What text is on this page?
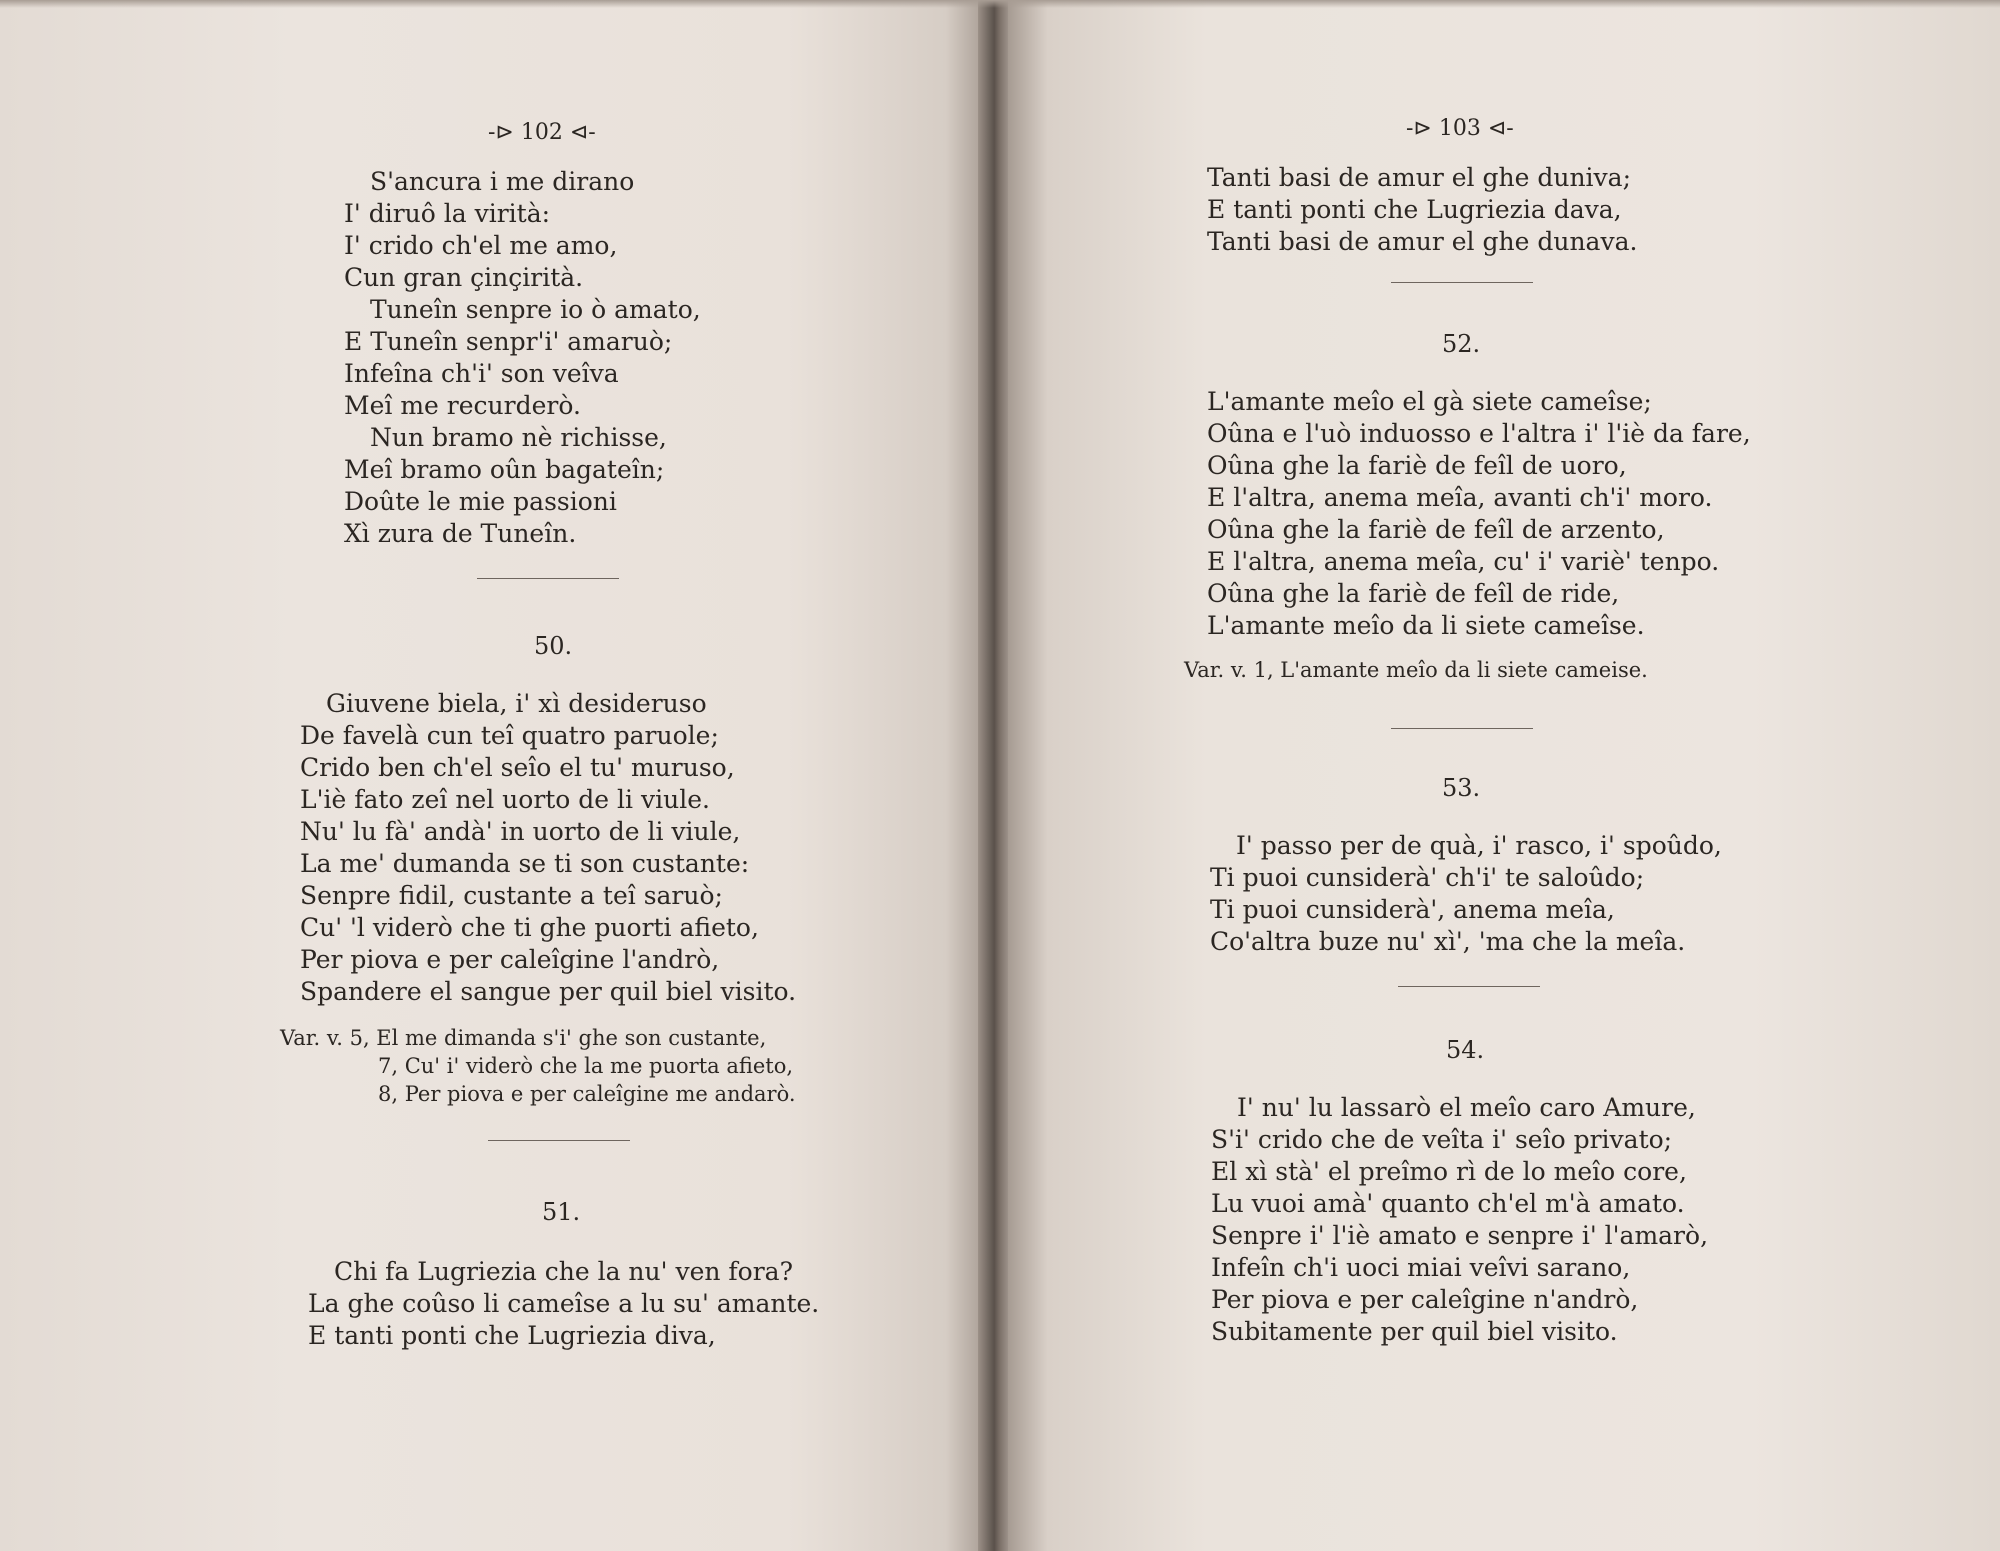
-⊳ 102 ⊲-
S'ancura i me dirano
I' diruô la virità:
I' crido ch'el me amo,
Cun gran çinçirità.
Tuneîn senpre io ò amato,
E Tuneîn senpr'i' amaruò;
Infeîna ch'i' son veîva
Meî me recurderò.
Nun bramo nè richisse,
Meî bramo oûn bagateîn;
Doûte le mie passioni
Xì zura de Tuneîn.
50.
Giuvene biela, i' xì desideruso
De favelà cun teî quatro paruole;
Crido ben ch'el seîo el tu' muruso,
L'iè fato zeî nel uorto de li viule.
Nu' lu fà' andà' in uorto de li viule,
La me' dumanda se ti son custante:
Senpre fidil, custante a teî saruò;
Cu' 'l viderò che ti ghe puorti afieto,
Per piova e per caleîgine l'andrò,
Spandere el sangue per quil biel visito.
Var. v. 5, El me dimanda s'i' ghe son custante,
7, Cu' i' viderò che la me puorta afieto,
8, Per piova e per caleîgine me andarò.
51.
Chi fa Lugriezia che la nu' ven fora?
La ghe coûso li cameîse a lu su' amante.
E tanti ponti che Lugriezia diva,
-⊳ 103 ⊲-
Tanti basi de amur el ghe duniva;
E tanti ponti che Lugriezia dava,
Tanti basi de amur el ghe dunava.
52.
L'amante meîo el gà siete cameîse;
Oûna e l'uò induosso e l'altra i' l'iè da fare,
Oûna ghe la fariè de feîl de uoro,
E l'altra, anema meîa, avanti ch'i' moro.
Oûna ghe la fariè de feîl de arzento,
E l'altra, anema meîa, cu' i' variè' tenpo.
Oûna ghe la fariè de feîl de ride,
L'amante meîo da li siete cameîse.
Var. v. 1, L'amante meîo da li siete cameise.
53.
I' passo per de quà, i' rasco, i' spoûdo,
Ti puoi cunsiderà' ch'i' te saloûdo;
Ti puoi cunsiderà', anema meîa,
Co'altra buze nu' xì', 'ma che la meîa.
54.
I' nu' lu lassarò el meîo caro Amure,
S'i' crido che de veîta i' seîo privato;
El xì stà' el preîmo rì de lo meîo core,
Lu vuoi amà' quanto ch'el m'à amato.
Senpre i' l'iè amato e senpre i' l'amarò,
Infeîn ch'i uoci miai veîvi sarano,
Per piova e per caleîgine n'andrò,
Subitamente per quil biel visito.
